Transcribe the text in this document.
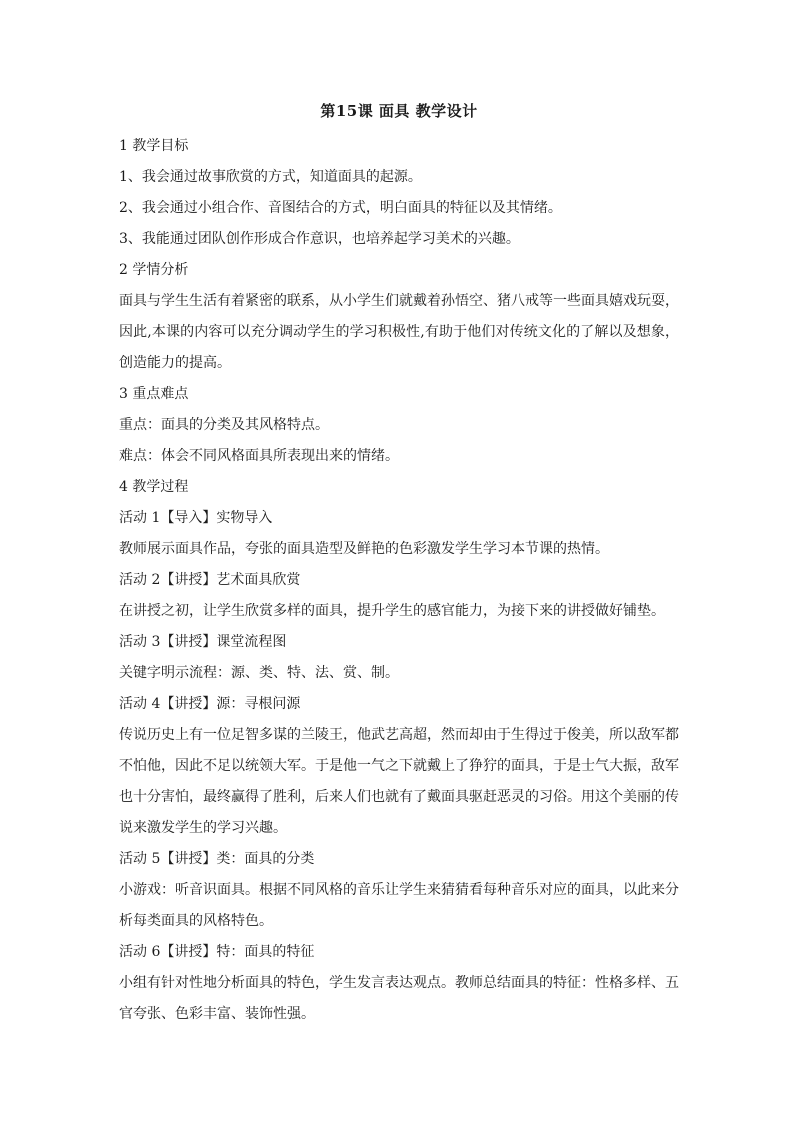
第15课 面具 教学设计

1 教学目标

1、我会通过故事欣赏的方式，知道面具的起源。

2、我会通过小组合作、音图结合的方式，明白面具的特征以及其情绪。

3、我能通过团队创作形成合作意识，也培养起学习美术的兴趣。

2 学情分析

面具与学生生活有着紧密的联系，从小学生们就戴着孙悟空、猪八戒等一些面具嬉戏玩耍，因此,本课的内容可以充分调动学生的学习积极性,有助于他们对传统文化的了解以及想象，创造能力的提高。

3 重点难点

重点：面具的分类及其风格特点。

难点：体会不同风格面具所表现出来的情绪。

4 教学过程

活动 1【导入】实物导入

教师展示面具作品，夸张的面具造型及鲜艳的色彩激发学生学习本节课的热情。

活动 2【讲授】艺术面具欣赏

在讲授之初，让学生欣赏多样的面具，提升学生的感官能力，为接下来的讲授做好铺垫。

活动 3【讲授】课堂流程图

关键字明示流程：源、类、特、法、赏、制。

活动 4【讲授】源：寻根问源

传说历史上有一位足智多谋的兰陵王，他武艺高超，然而却由于生得过于俊美，所以敌军都不怕他，因此不足以统领大军。于是他一气之下就戴上了狰狞的面具，于是士气大振，敌军也十分害怕，最终赢得了胜利，后来人们也就有了戴面具驱赶恶灵的习俗。用这个美丽的传说来激发学生的学习兴趣。

活动 5【讲授】类：面具的分类

小游戏：听音识面具。根据不同风格的音乐让学生来猜猜看每种音乐对应的面具，以此来分析每类面具的风格特色。

活动 6【讲授】特：面具的特征

小组有针对性地分析面具的特色，学生发言表达观点。教师总结面具的特征：性格多样、五官夸张、色彩丰富、装饰性强。
